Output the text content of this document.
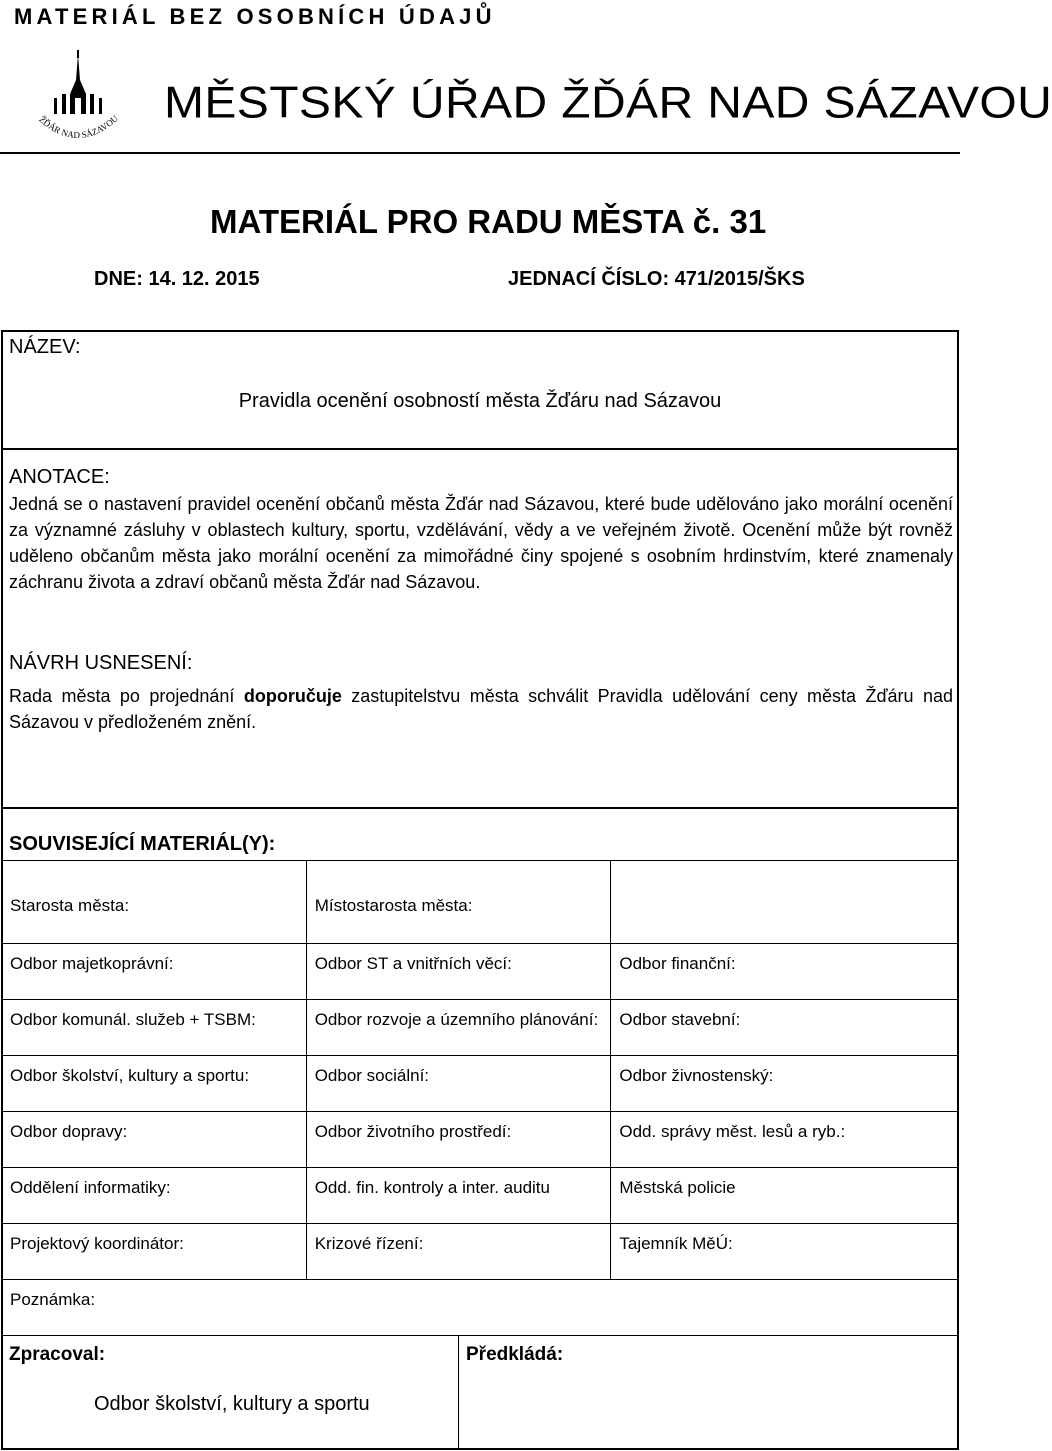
MATERIÁL BEZ OSOBNÍCH ÚDAJŮ
ŽĎÁR NAD SÁZAVOU MĚSTSKÝ ÚŘAD ŽĎÁR NAD SÁZAVOU
MATERIÁL PRO RADU MĚSTA č. 31
DNE: 14. 12. 2015	JEDNACÍ ČÍSLO: 471/2015/ŠKS
NÁZEV:
Pravidla ocenění osobností města Žďáru nad Sázavou
ANOTACE:
Jedná se o nastavení pravidel ocenění občanů města Žďár nad Sázavou, které bude udělováno jako morální ocenění za významné zásluhy v oblastech kultury, sportu, vzdělávání, vědy a ve veřejném životě. Ocenění může být rovněž uděleno občanům města jako morální ocenění za mimořádné činy spojené s osobním hrdinstvím, které znamenaly záchranu života a zdraví občanů města Žďár nad Sázavou.
NÁVRH USNESENÍ:
Rada města po projednání doporučuje zastupitelstvu města schválit Pravidla udělování ceny města Žďáru nad Sázavou v předloženém znění.
SOUVISEJÍCÍ MATERIÁL(Y):
Starosta města:	Místostarosta města:	
Odbor majetkoprávní:	Odbor ST a vnitřních věcí:	Odbor finanční:
Odbor komunál. služeb + TSBM:	Odbor rozvoje a územního plánování:	Odbor stavební:
Odbor školství, kultury a sportu:	Odbor sociální:	Odbor živnostenský:
Odbor dopravy:	Odbor životního prostředí:	Odd. správy měst. lesů a ryb.:
Oddělení informatiky:	Odd. fin. kontroly a inter. auditu	Městská policie
Projektový koordinátor:	Krizové řízení:	Tajemník MěÚ:
Poznámka:		
Zpracoval:
Odbor školství, kultury a sportu
Předkládá:
